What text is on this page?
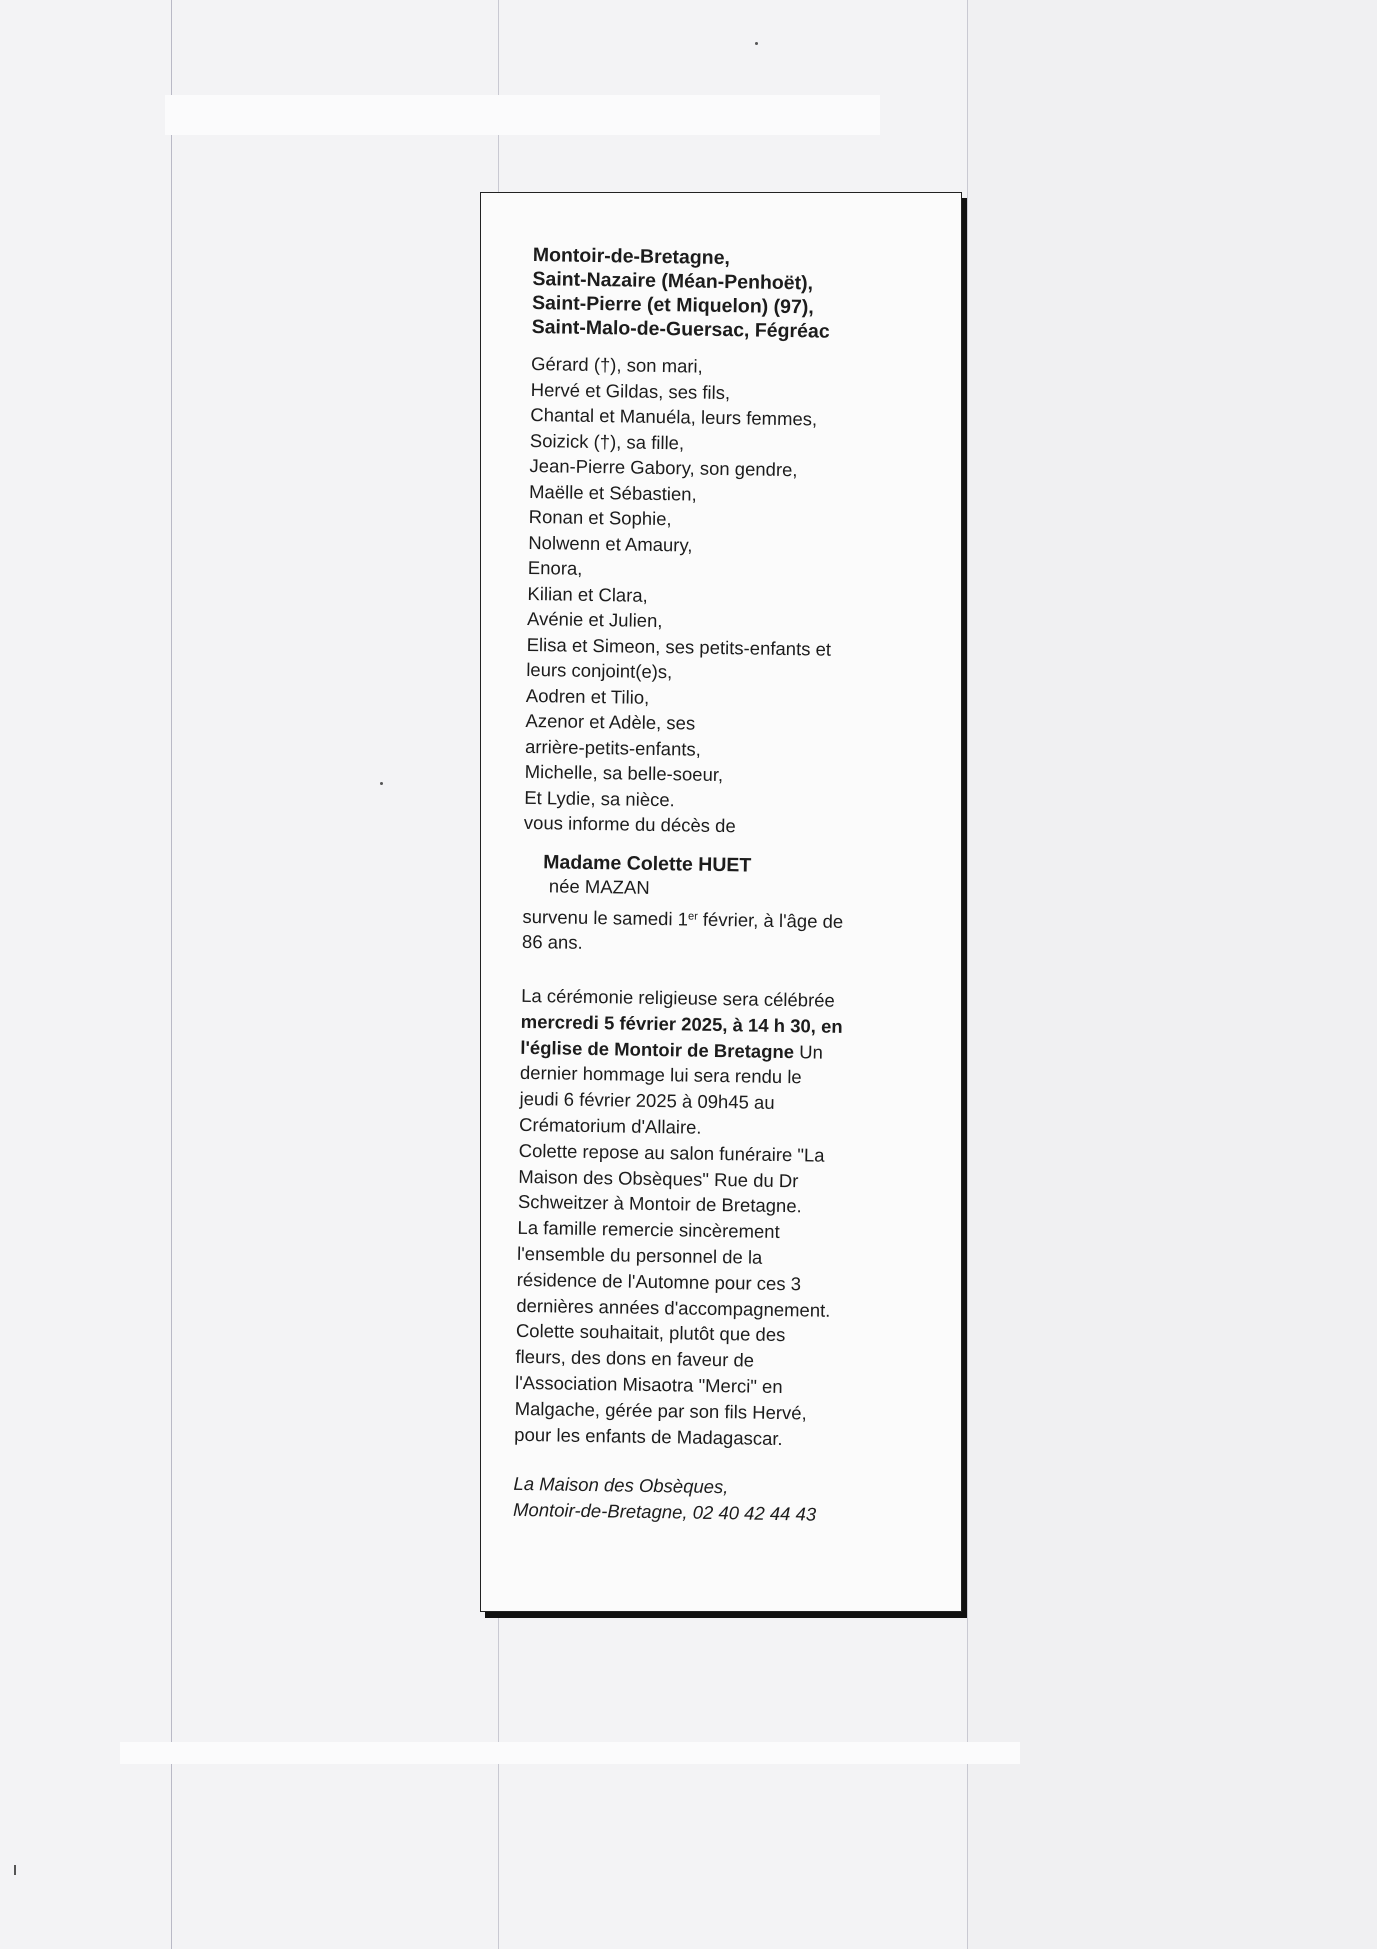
Montoir-de-Bretagne,
Saint-Nazaire (Méan-Penhoët),
Saint-Pierre (et Miquelon) (97),
Saint-Malo-de-Guersac, Fégréac
Gérard (†), son mari,
Hervé et Gildas, ses fils,
Chantal et Manuéla, leurs femmes,
Soizick (†), sa fille,
Jean-Pierre Gabory, son gendre,
Maëlle et Sébastien,
Ronan et Sophie,
Nolwenn et Amaury,
Enora,
Kilian et Clara,
Avénie et Julien,
Elisa et Simeon, ses petits-enfants et
leurs conjoint(e)s,
Aodren et Tilio,
Azenor et Adèle, ses
arrière-petits-enfants,
Michelle, sa belle-soeur,
Et Lydie, sa nièce.
vous informe du décès de
Madame Colette HUET
née MAZAN
survenu le samedi 1er février, à l'âge de
86 ans.
La cérémonie religieuse sera célébrée
mercredi 5 février 2025, à 14 h 30, en
l'église de Montoir de Bretagne Un
dernier hommage lui sera rendu le
jeudi 6 février 2025 à 09h45 au
Crématorium d'Allaire.
Colette repose au salon funéraire "La
Maison des Obsèques" Rue du Dr
Schweitzer à Montoir de Bretagne.
La famille remercie sincèrement
l'ensemble du personnel de la
résidence de l'Automne pour ces 3
dernières années d'accompagnement.
Colette souhaitait, plutôt que des
fleurs, des dons en faveur de
l'Association Misaotra "Merci" en
Malgache, gérée par son fils Hervé,
pour les enfants de Madagascar.
La Maison des Obsèques,
Montoir-de-Bretagne, 02 40 42 44 43
